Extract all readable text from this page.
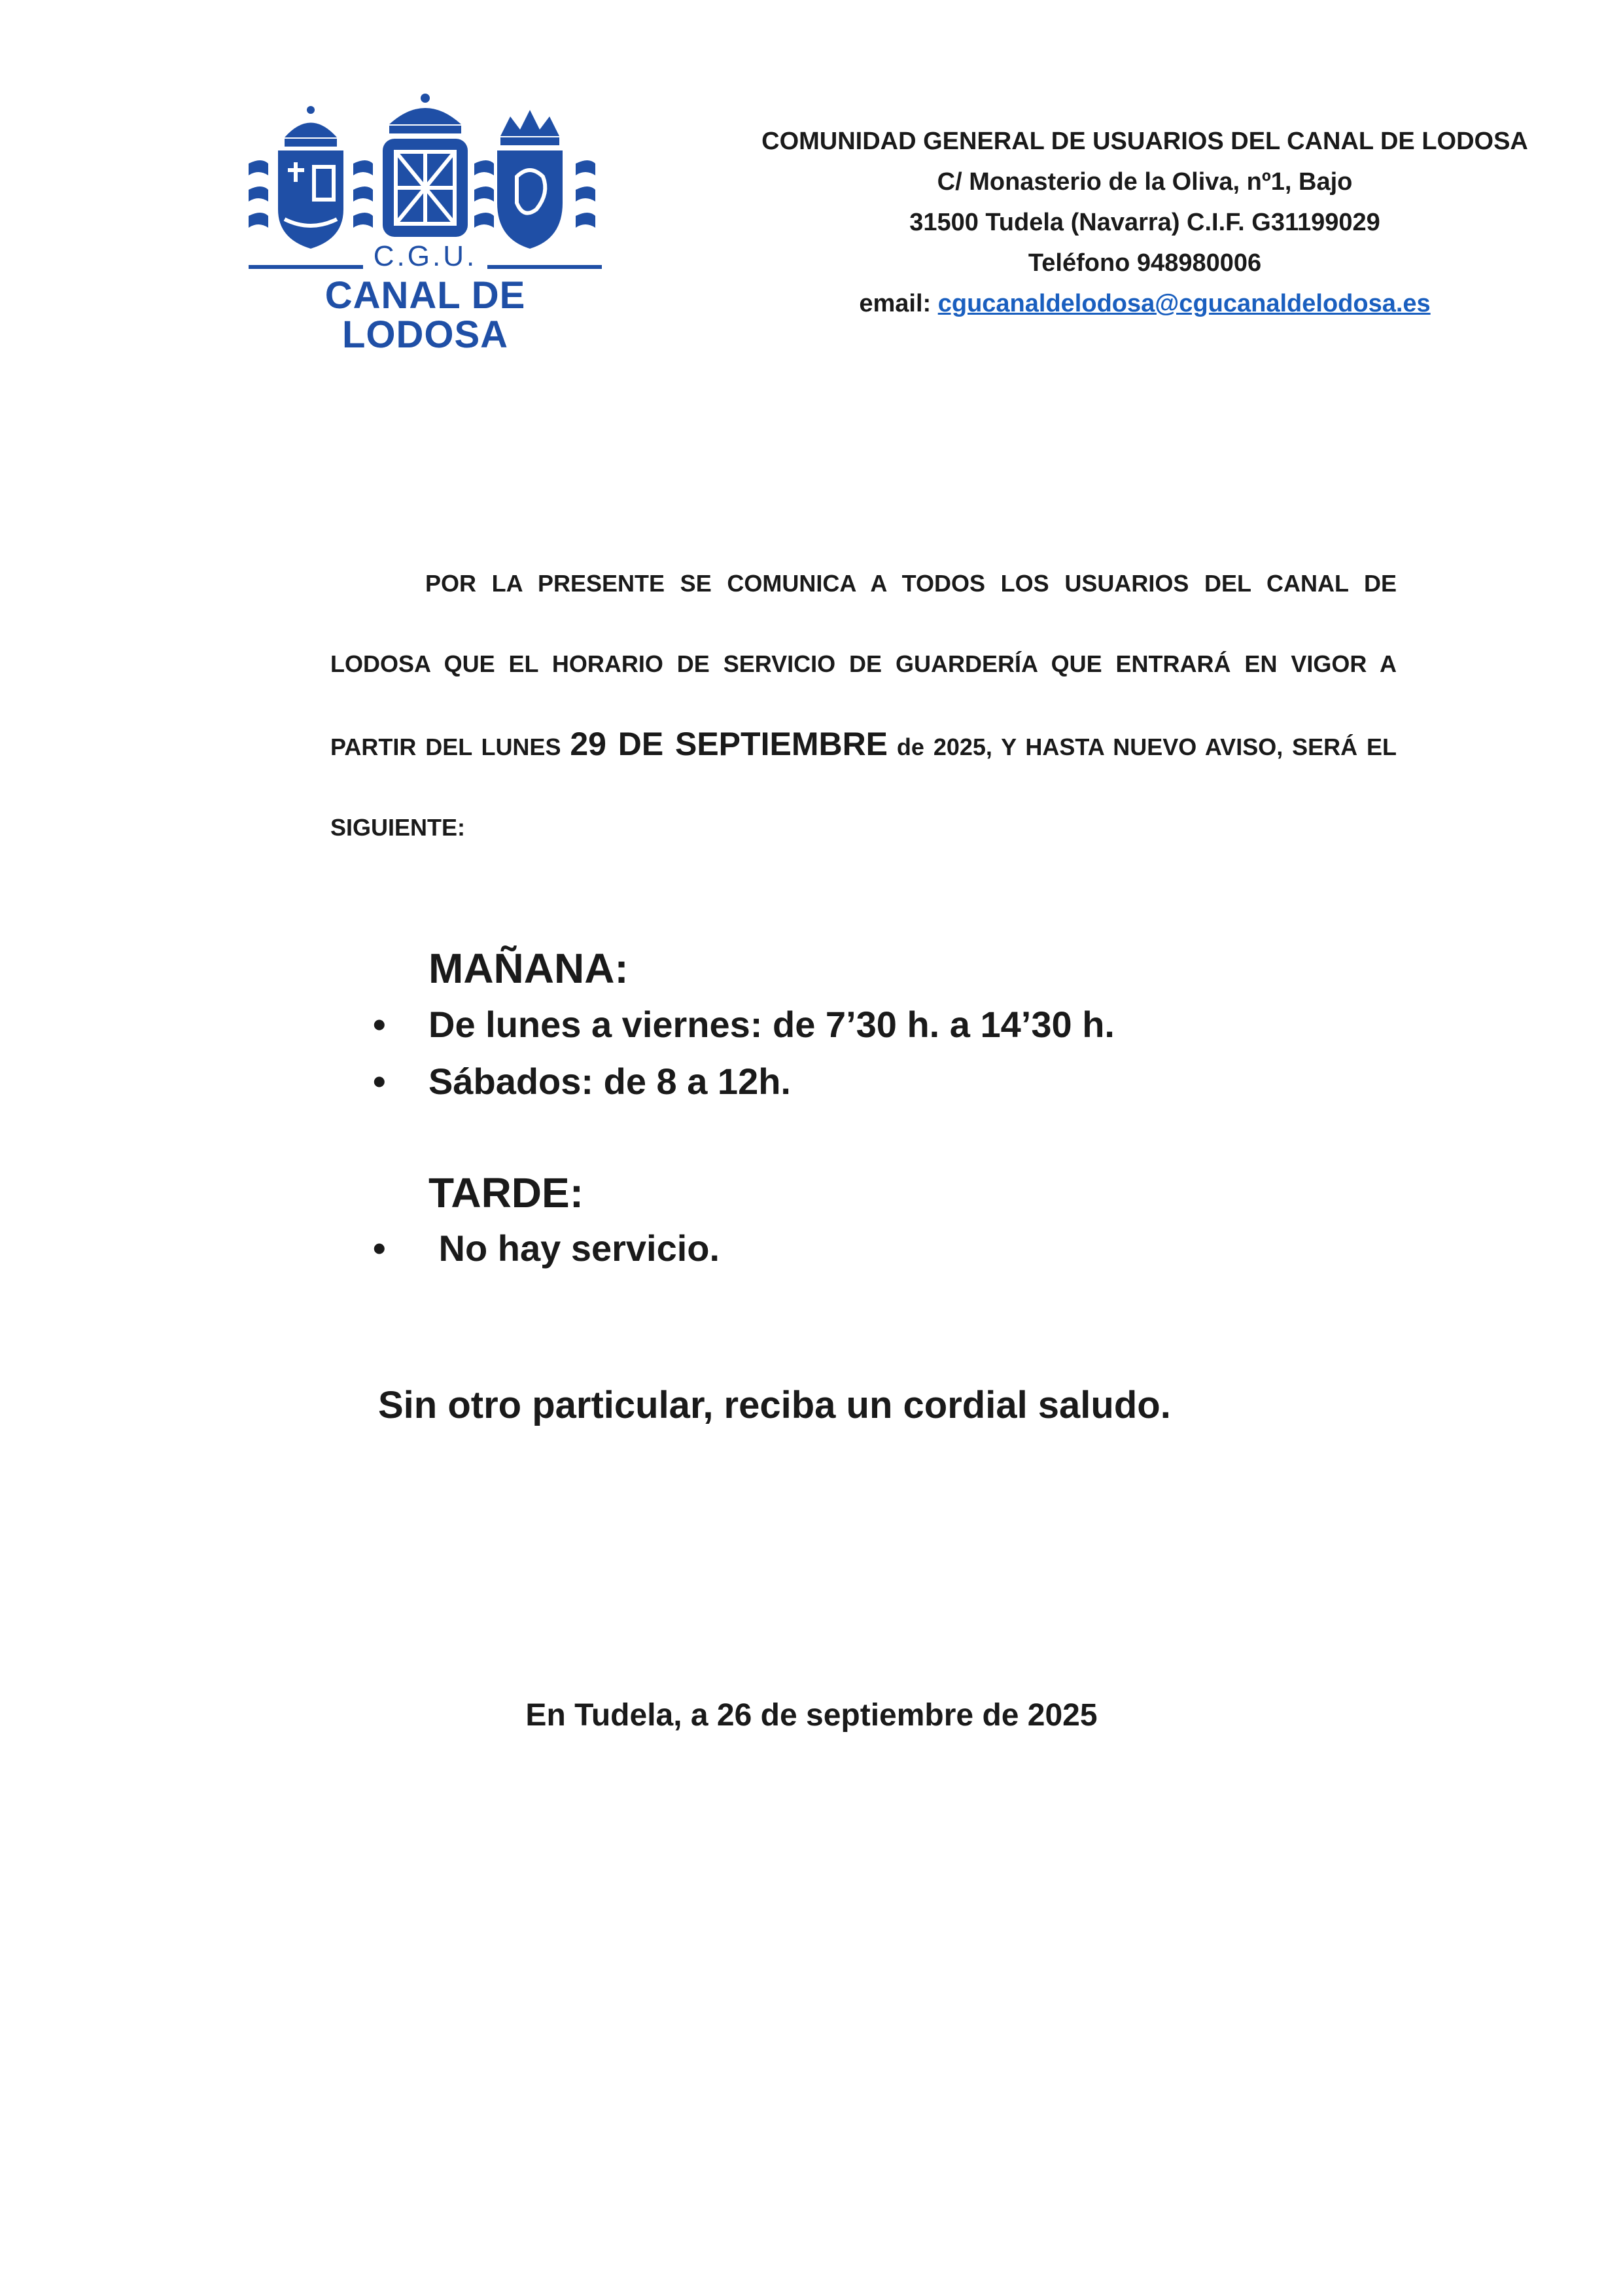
C.G.U.
CANAL DE LODOSA
COMUNIDAD GENERAL DE USUARIOS DEL CANAL DE LODOSA
C/ Monasterio de la Oliva, nº1, Bajo
31500 Tudela (Navarra) C.I.F. G31199029
Teléfono 948980006
email: cgucanaldelodosa@cgucanaldelodosa.es
POR LA PRESENTE SE COMUNICA A TODOS LOS USUARIOS DEL CANAL DE LODOSA QUE EL HORARIO DE SERVICIO DE GUARDERÍA QUE ENTRARÁ EN VIGOR A PARTIR DEL LUNES 29 DE SEPTIEMBRE de 2025, Y HASTA NUEVO AVISO, SERÁ EL SIGUIENTE:
MAÑANA:
• De lunes a viernes: de 7’30 h. a 14’30 h.
• Sábados: de 8 a 12h.
TARDE:
• No hay servicio.
Sin otro particular, reciba un cordial saludo.
En Tudela, a 26 de septiembre de 2025
